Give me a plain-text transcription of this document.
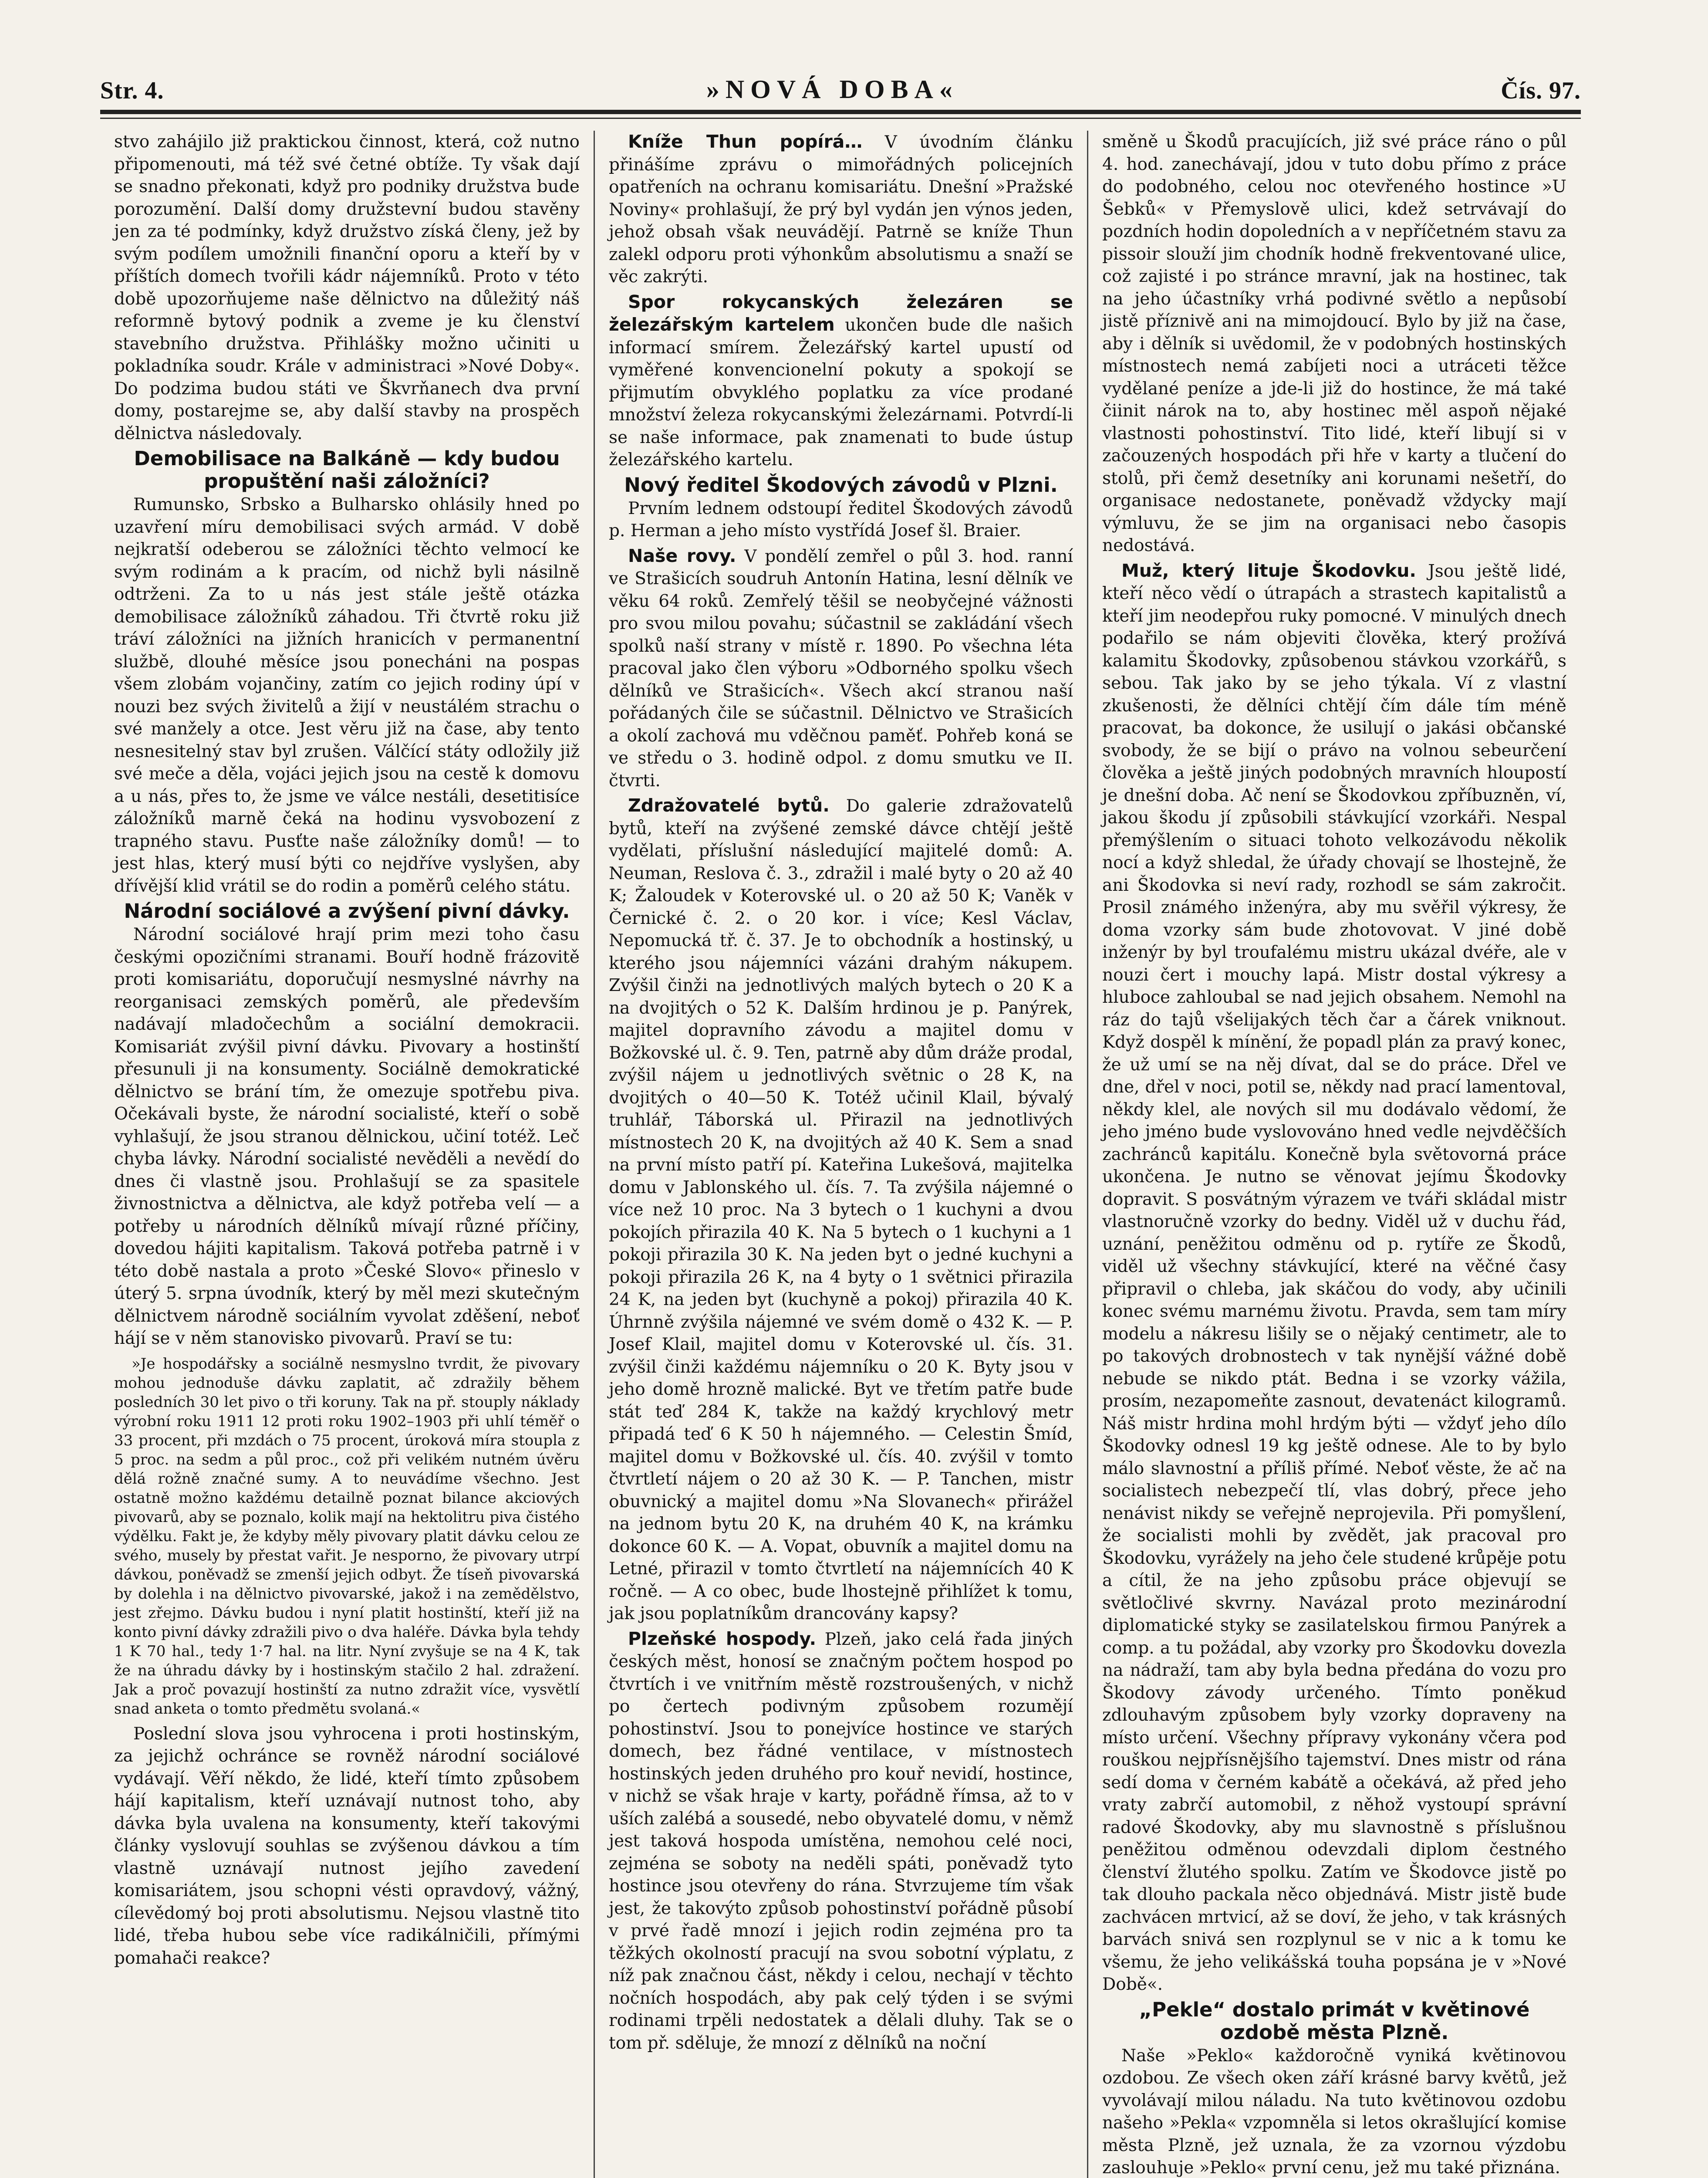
Str. 4.	»NOVÁ DOBA«	Čís. 97.

stvo zahájilo již praktickou činnost, která, což nutno připomenouti, má též své četné obtíže. Ty však dají se snadno překonati, když pro podniky družstva bude porozumění. Další domy družstevní budou stavěny jen za té podmínky, když družstvo získá členy, jež by svým podílem umožnili finanční oporu a kteří by v příštích domech tvořili kádr nájemníků. Proto v této době upozorňujeme naše dělnictvo na důležitý náš reformně bytový podnik a zveme je ku členství stavebního družstva. Přihlášky možno učiniti u pokladníka soudr. Krále v administraci »Nové Doby«. Do podzima budou státi ve Škvrňanech dva první domy, postarejme se, aby další stavby na prospěch dělnictva následovaly.

Demobilisace na Balkáně — kdy budou propuštění naši záložníci?

Rumunsko, Srbsko a Bulharsko ohlásily hned po uzavření míru demobilisaci svých armád. V době nejkratší odeberou se záložníci těchto velmocí ke svým rodinám a k pracím, od nichž byli násilně odtrženi. Za to u nás jest stále ještě otázka demobilisace záložníků záhadou. Tři čtvrtě roku již tráví záložníci na jižních hranicích v permanentní službě, dlouhé měsíce jsou ponecháni na pospas všem zlobám vojančiny, zatím co jejich rodiny úpí v nouzi bez svých živitelů a žijí v neustálém strachu o své manžely a otce. Jest věru již na čase, aby tento nesnesitelný stav byl zrušen. Válčící státy odložily již své meče a děla, vojáci jejich jsou na cestě k domovu a u nás, přes to, že jsme ve válce nestáli, desetitisíce záložníků marně čeká na hodinu vysvobození z trapného stavu. Pusťte naše záložníky domů! — to jest hlas, který musí býti co nejdříve vyslyšen, aby dřívější klid vrátil se do rodin a poměrů celého státu.

Národní sociálové a zvýšení pivní dávky.

Národní sociálové hrají prim mezi toho času českými opozičními stranami. Bouří hodně frázovitě proti komisariátu, doporučují nesmyslné návrhy na reorganisaci zemských poměrů, ale především nadávají mladočechům a sociální demokracii. Komisariát zvýšil pivní dávku. Pivovary a hostinští přesunuli ji na konsumenty. Sociálně demokratické dělnictvo se brání tím, že omezuje spotřebu piva. Očekávali byste, že národní socialisté, kteří o sobě vyhlašují, že jsou stranou dělnickou, učiní totéž. Leč chyba lávky. Národní socialisté nevěděli a nevědí do dnes či vlastně jsou. Prohlašují se za spasitele živnostnictva a dělnictva, ale když potřeba velí — a potřeby u národních dělníků mívají různé příčiny, dovedou hájiti kapitalism. Taková potřeba patrně i v této době nastala a proto »České Slovo« přineslo v úterý 5. srpna úvodník, který by měl mezi skutečným dělnictvem národně sociálním vyvolat zděšení, neboť hájí se v něm stanovisko pivovarů. Praví se tu:

»Je hospodářsky a sociálně nesmyslno tvrdit, že pivovary mohou jednoduše dávku zaplatit, ač zdražily během posledních 30 let pivo o tři koruny. Tak na př. stouply náklady výrobní roku 1911 12 proti roku 1902–1903 při uhlí téměř o 33 procent, při mzdách o 75 procent, úroková míra stoupla z 5 proc. na sedm a půl proc., což při velikém nutném úvěru dělá rožně značné sumy. A to neuvádíme všechno. Jest ostatně možno každému detailně poznat bilance akciových pivovarů, aby se poznalo, kolik mají na hektolitru piva čistého výdělku. Fakt je, že kdyby měly pivovary platit dávku celou ze svého, musely by přestat vařit. Je nesporno, že pivovary utrpí dávkou, poněvadž se zmenší jejich odbyt. Že tíseň pivovarská by dolehla i na dělnictvo pivovarské, jakož i na zemědělstvo, jest zřejmo. Dávku budou i nyní platit hostinští, kteří již na konto pivní dávky zdražili pivo o dva haléře. Dávka byla tehdy 1 K 70 hal., tedy 1·7 hal. na litr. Nyní zvyšuje se na 4 K, tak že na úhradu dávky by i hostinským stačilo 2 hal. zdražení. Jak a proč povazují hostinští za nutno zdražit více, vysvětlí snad anketa o tomto předmětu svolaná.«

Poslední slova jsou vyhrocena i proti hostinským, za jejichž ochránce se rovněž národní sociálové vydávají. Věří někdo, že lidé, kteří tímto způsobem hájí kapitalism, kteří uznávají nutnost toho, aby dávka byla uvalena na konsumenty, kteří takovými články vyslovují souhlas se zvýšenou dávkou a tím vlastně uznávají nutnost jejího zavedení komisariátem, jsou schopni vésti opravdový, vážný, cílevědomý boj proti absolutismu. Nejsou vlastně tito lidé, třeba hubou sebe více radikálničili, přímými pomahači reakce?

Kníže Thun popírá… V úvodním článku přinášíme zprávu o mimořádných policejních opatřeních na ochranu komisariátu. Dnešní »Pražské Noviny« prohlašují, že prý byl vydán jen výnos jeden, jehož obsah však neuvádějí. Patrně se kníže Thun zalekl odporu proti výhonkům absolutismu a snaží se věc zakrýti.

Spor rokycanských železáren se železářským kartelem ukončen bude dle našich informací smírem. Železářský kartel upustí od vyměřené konvencionelní pokuty a spokojí se přijmutím obvyklého poplatku za více prodané množství železa rokycanskými železárnami. Potvrdí-li se naše informace, pak znamenati to bude ústup železářského kartelu.

Nový ředitel Škodových závodů v Plzni.

Prvním lednem odstoupí ředitel Škodových závodů p. Herman a jeho místo vystřídá Josef šl. Braier.

Naše rovy. V pondělí zemřel o půl 3. hod. ranní ve Strašicích soudruh Antonín Hatina, lesní dělník ve věku 64 roků. Zemřelý těšil se neobyčejné vážnosti pro svou milou povahu; súčastnil se zakládání všech spolků naší strany v místě r. 1890. Po všechna léta pracoval jako člen výboru »Odborného spolku všech dělníků ve Strašicích«. Všech akcí stranou naší pořádaných čile se súčastnil. Dělnictvo ve Strašicích a okolí zachová mu vděčnou paměť. Pohřeb koná se ve středu o 3. hodině odpol. z domu smutku ve II. čtvrti.

Zdražovatelé bytů. Do galerie zdražovatelů bytů, kteří na zvýšené zemské dávce chtějí ještě vydělati, příslušní následující majitelé domů: A. Neuman, Reslova č. 3., zdražil i malé byty o 20 až 40 K; Žaloudek v Koterovské ul. o 20 až 50 K; Vaněk v Černické č. 2. o 20 kor. i více; Kesl Václav, Nepomucká tř. č. 37. Je to obchodník a hostinský, u kterého jsou nájemníci vázáni drahým nákupem. Zvýšil činži na jednotlivých malých bytech o 20 K a na dvojitých o 52 K. Dalším hrdinou je p. Panýrek, majitel dopravního závodu a majitel domu v Božkovské ul. č. 9. Ten, patrně aby dům dráže prodal, zvýšil nájem u jednotlivých světnic o 28 K, na dvojitých o 40—50 K. Totéž učinil Klail, bývalý truhlář, Táborská ul. Přirazil na jednotlivých místnostech 20 K, na dvojitých až 40 K. Sem a snad na první místo patří pí. Kateřina Lukešová, majitelka domu v Jablonského ul. čís. 7. Ta zvýšila nájemné o více než 10 proc. Na 3 bytech o 1 kuchyni a dvou pokojích přirazila 40 K. Na 5 bytech o 1 kuchyni a 1 pokoji přirazila 30 K. Na jeden byt o jedné kuchyni a pokoji přirazila 26 K, na 4 byty o 1 světnici přirazila 24 K, na jeden byt (kuchyně a pokoj) přirazila 40 K. Úhrnně zvýšila nájemné ve svém domě o 432 K. — P. Josef Klail, majitel domu v Koterovské ul. čís. 31. zvýšil činži každému nájemníku o 20 K. Byty jsou v jeho domě hrozně malické. Byt ve třetím patře bude stát teď 284 K, takže na každý krychlový metr připadá teď 6 K 50 h nájemného. — Celestin Šmíd, majitel domu v Božkovské ul. čís. 40. zvýšil v tomto čtvrtletí nájem o 20 až 30 K. — P. Tanchen, mistr obuvnický a majitel domu »Na Slovanech« přirážel na jednom bytu 20 K, na druhém 40 K, na krámku dokonce 60 K. — A. Vopat, obuvník a majitel domu na Letné, přirazil v tomto čtvrtletí na nájemnících 40 K ročně. — A co obec, bude lhostejně přihlížet k tomu, jak jsou poplatníkům drancovány kapsy?

Plzeňské hospody. Plzeň, jako celá řada jiných českých měst, honosí se značným počtem hospod po čtvrtích i ve vnitřním městě rozstroušených, v nichž po čertech podivným způsobem rozumějí pohostinství. Jsou to ponejvíce hostince ve starých domech, bez řádné ventilace, v místnostech hostinských jeden druhého pro kouř nevidí, hostince, v nichž se však hraje v karty, pořádně římsa, až to v uších zalébá a sousedé, nebo obyvatelé domu, v němž jest taková hospoda umístěna, nemohou celé noci, zejména se soboty na neděli spáti, poněvadž tyto hostince jsou otevřeny do rána. Stvrzujeme tím však jest, že takovýto způsob pohostinství pořádně působí v prvé řadě mnozí i jejich rodin zejména pro ta těžkých okolností pracují na svou sobotní výplatu, z níž pak značnou část, někdy i celou, nechají v těchto nočních hospodách, aby pak celý týden i se svými rodinami trpěli nedostatek a dělali dluhy. Tak se o tom př. sděluje, že mnozí z dělníků na noční

směně u Škodů pracujících, již své práce ráno o půl 4. hod. zanechávají, jdou v tuto dobu přímo z práce do podobného, celou noc otevřeného hostince »U Šebků« v Přemyslově ulici, kdež setrvávají do pozdních hodin dopoledních a v nepříčetném stavu za pissoir slouží jim chodník hodně frekventované ulice, což zajisté i po stránce mravní, jak na hostinec, tak na jeho účastníky vrhá podivné světlo a nepůsobí jistě příznivě ani na mimojdoucí. Bylo by již na čase, aby i dělník si uvědomil, že v podobných hostinských místnostech nemá zabíjeti noci a utráceti těžce vydělané peníze a jde-li již do hostince, že má také čiinit nárok na to, aby hostinec měl aspoň nějaké vlastnosti pohostinství. Tito lidé, kteří libují si v začouzených hospodách při hře v karty a tlučení do stolů, při čemž desetníky ani korunami nešetří, do organisace nedostanete, poněvadž vždycky mají výmluvu, že se jim na organisaci nebo časopis nedostává.

Muž, který lituje Škodovku. Jsou ještě lidé, kteří něco vědí o útrapách a strastech kapitalistů a kteří jim neodepřou ruky pomocné. V minulých dnech podařilo se nám objeviti člověka, který prožívá kalamitu Škodovky, způsobenou stávkou vzorkářů, s sebou. Tak jako by se jeho týkala. Ví z vlastní zkušenosti, že dělníci chtějí čím dále tím méně pracovat, ba dokonce, že usilují o jakási občanské svobody, že se bijí o právo na volnou sebeurčení člověka a ještě jiných podobných mravních hloupostí je dnešní doba. Ač není se Škodovkou zpříbuzněn, ví, jakou škodu jí způsobili stávkující vzorkáři. Nespal přemýšlením o situaci tohoto velkozávodu několik nocí a když shledal, že úřady chovají se lhostejně, že ani Škodovka si neví rady, rozhodl se sám zakročit. Prosil známého inženýra, aby mu svěřil výkresy, že doma vzorky sám bude zhotovovat. V jiné době inženýr by byl troufalému mistru ukázal dvéře, ale v nouzi čert i mouchy lapá. Mistr dostal výkresy a hluboce zahloubal se nad jejich obsahem. Nemohl na ráz do tajů všelijakých těch čar a čárek vniknout. Když dospěl k mínění, že popadl plán za pravý konec, že už umí se na něj dívat, dal se do práce. Dřel ve dne, dřel v noci, potil se, někdy nad prací lamentoval, někdy klel, ale nových sil mu dodávalo vědomí, že jeho jméno bude vyslovováno hned vedle nejvděčších zachránců kapitálu. Konečně byla světovorná práce ukončena. Je nutno se věnovat jejímu Škodovky dopravit. S posvátným výrazem ve tváři skládal mistr vlastnoručně vzorky do bedny. Viděl už v duchu řád, uznání, peněžitou odměnu od p. rytíře ze Škodů, viděl už všechny stávkující, které na věčné časy připravil o chleba, jak skáčou do vody, aby učinili konec svému marnému životu. Pravda, sem tam míry modelu a nákresu lišily se o nějaký centimetr, ale to po takových drobnostech v tak nynější vážné době nebude se nikdo ptát. Bedna i se vzorky vážila, prosím, nezapomeňte zasnout, devatenáct kilogramů. Náš mistr hrdina mohl hrdým býti — vždyť jeho dílo Škodovky odnesl 19 kg ještě odnese. Ale to by bylo málo slavnostní a příliš přímé. Neboť věste, že ač na socialistech nebezpečí tlí, vlas dobrý, přece jeho nenávist nikdy se veřejně neprojevila. Při pomyšlení, že socialisti mohli by zvědět, jak pracoval pro Škodovku, vyrážely na jeho čele studené krůpěje potu a cítil, že na jeho způsobu práce objevují se světločlivé skvrny. Navázal proto mezinárodní diplomatické styky se zasilatelskou firmou Panýrek a comp. a tu požádal, aby vzorky pro Škodovku dovezla na nádraží, tam aby byla bedna předána do vozu pro Škodovy závody určeného. Tímto poněkud zdlouhavým způsobem byly vzorky dopraveny na místo určení. Všechny přípravy vykonány včera pod rouškou nejpřísnějšího tajemství. Dnes mistr od rána sedí doma v černém kabátě a očekává, až před jeho vraty zabrčí automobil, z něhož vystoupí správní radové Škodovky, aby mu slavnostně s příslušnou peněžitou odměnou odevzdali diplom čestného členství žlutého spolku. Zatím ve Škodovce jistě po tak dlouho packala něco objednává. Mistr jistě bude zachvácen mrtvicí, až se doví, že jeho, v tak krásných barvách snivá sen rozplynul se v nic a k tomu ke všemu, že jeho velikášská touha popsána je v »Nové Době«.

„Pekle“ dostalo primát v květinové ozdobě města Plzně.

Naše »Peklo« každoročně vyniká květinovou ozdobou. Ze všech oken září krásné barvy květů, jež vyvolávají milou náladu. Na tuto květinovou ozdobu našeho »Pekla« vzpomněla si letos okrašlující komise města Plzně, jež uznala, že za vzornou výzdobu zaslouhuje »Peklo« první cenu, jež mu také přiznána.
